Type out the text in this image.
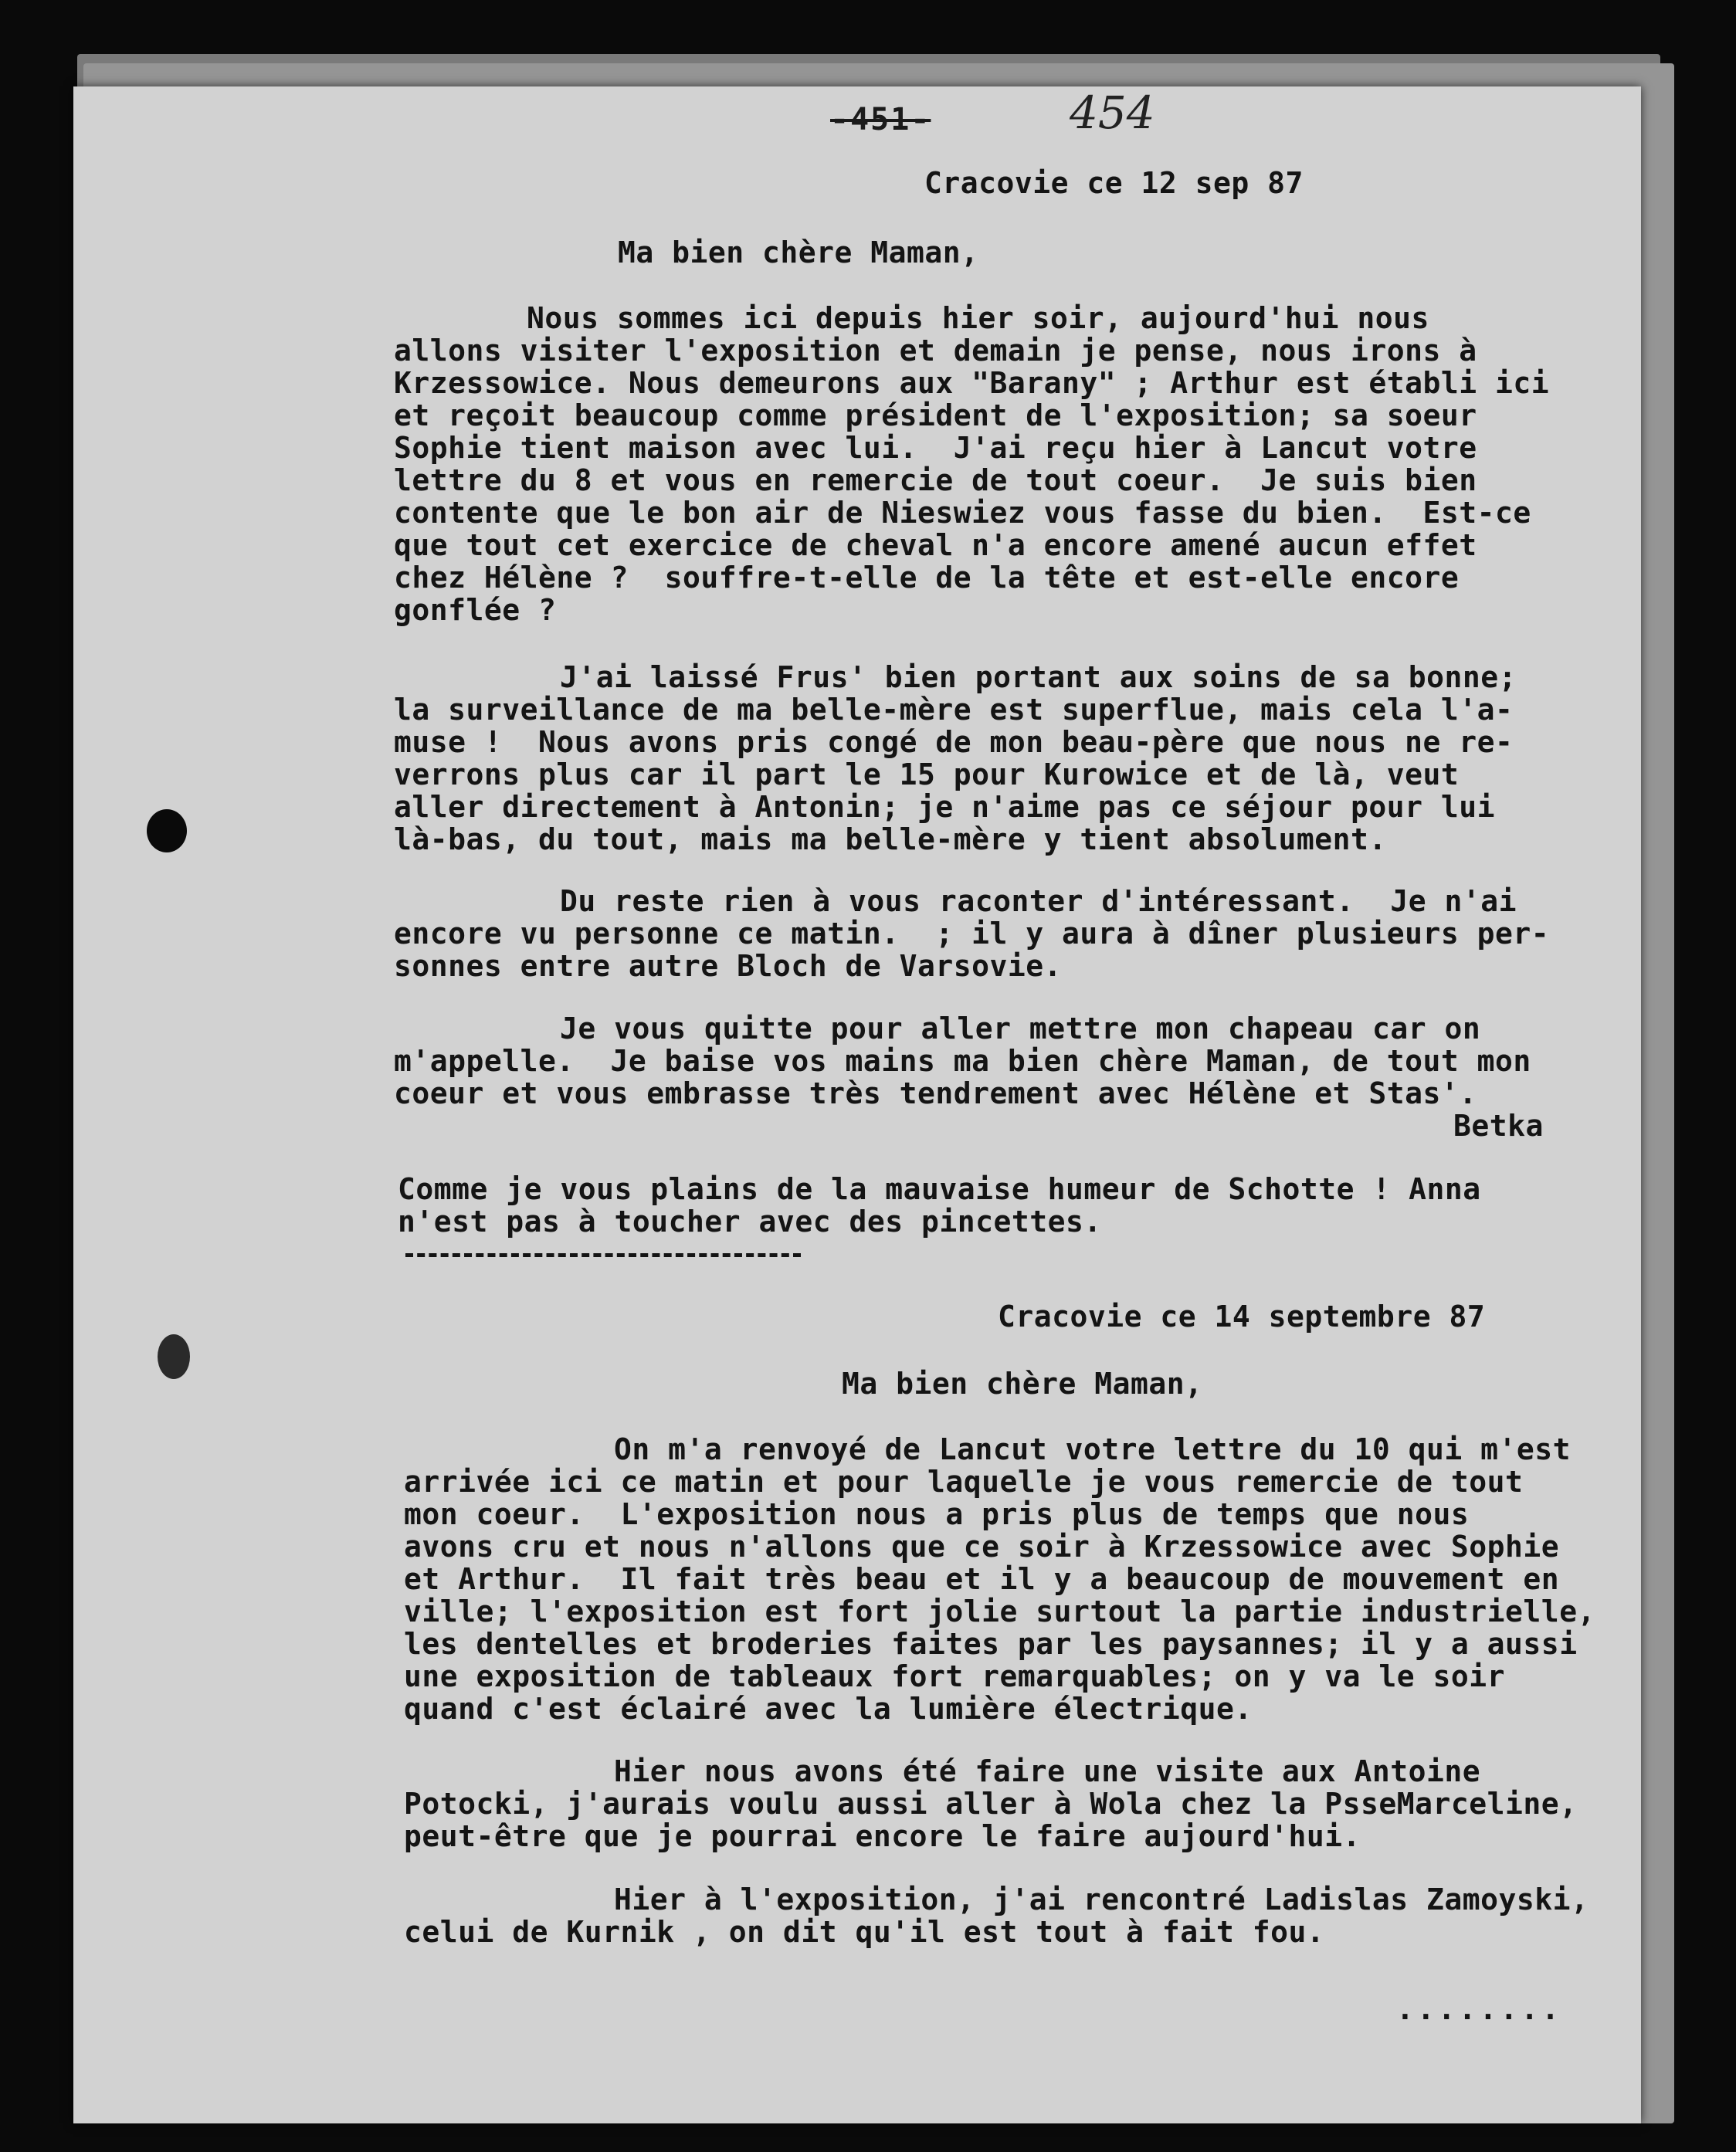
-451-	454
Cracovie ce 12 sep 87
Ma bien chère Maman,
Nous sommes ici depuis hier soir, aujourd'hui nous
allons visiter l'exposition et demain je pense, nous irons à
Krzessowice. Nous demeurons aux "Barany" ; Arthur est établi ici
et reçoit beaucoup comme président de l'exposition; sa soeur
Sophie tient maison avec lui.  J'ai reçu hier à Lancut votre
lettre du 8 et vous en remercie de tout coeur.  Je suis bien
contente que le bon air de Nieswiez vous fasse du bien.  Est-ce
que tout cet exercice de cheval n'a encore amené aucun effet
chez Hélène ?  souffre-t-elle de la tête et est-elle encore
gonflée ?
J'ai laissé Frus' bien portant aux soins de sa bonne;
la surveillance de ma belle-mère est superflue, mais cela l'a-
muse !  Nous avons pris congé de mon beau-père que nous ne re-
verrons plus car il part le 15 pour Kurowice et de là, veut
aller directement à Antonin; je n'aime pas ce séjour pour lui
là-bas, du tout, mais ma belle-mère y tient absolument.
Du reste rien à vous raconter d'intéressant.  Je n'ai
encore vu personne ce matin.  ; il y aura à dîner plusieurs per-
sonnes entre autre Bloch de Varsovie.
Je vous quitte pour aller mettre mon chapeau car on
m'appelle.  Je baise vos mains ma bien chère Maman, de tout mon
coeur et vous embrasse très tendrement avec Hélène et Stas'.
Betka
Comme je vous plains de la mauvaise humeur de Schotte ! Anna
n'est pas à toucher avec des pincettes.
Cracovie ce 14 septembre 87
Ma bien chère Maman,
On m'a renvoyé de Lancut votre lettre du 10 qui m'est
arrivée ici ce matin et pour laquelle je vous remercie de tout
mon coeur.  L'exposition nous a pris plus de temps que nous
avons cru et nous n'allons que ce soir à Krzessowice avec Sophie
et Arthur.  Il fait très beau et il y a beaucoup de mouvement en
ville; l'exposition est fort jolie surtout la partie industrielle,
les dentelles et broderies faites par les paysannes; il y a aussi
une exposition de tableaux fort remarquables; on y va le soir
quand c'est éclairé avec la lumière électrique.
Hier nous avons été faire une visite aux Antoine
Potocki, j'aurais voulu aussi aller à Wola chez la PsseMarceline,
peut-être que je pourrai encore le faire aujourd'hui.
Hier à l'exposition, j'ai rencontré Ladislas Zamoyski,
celui de Kurnik , on dit qu'il est tout à fait fou.
........
